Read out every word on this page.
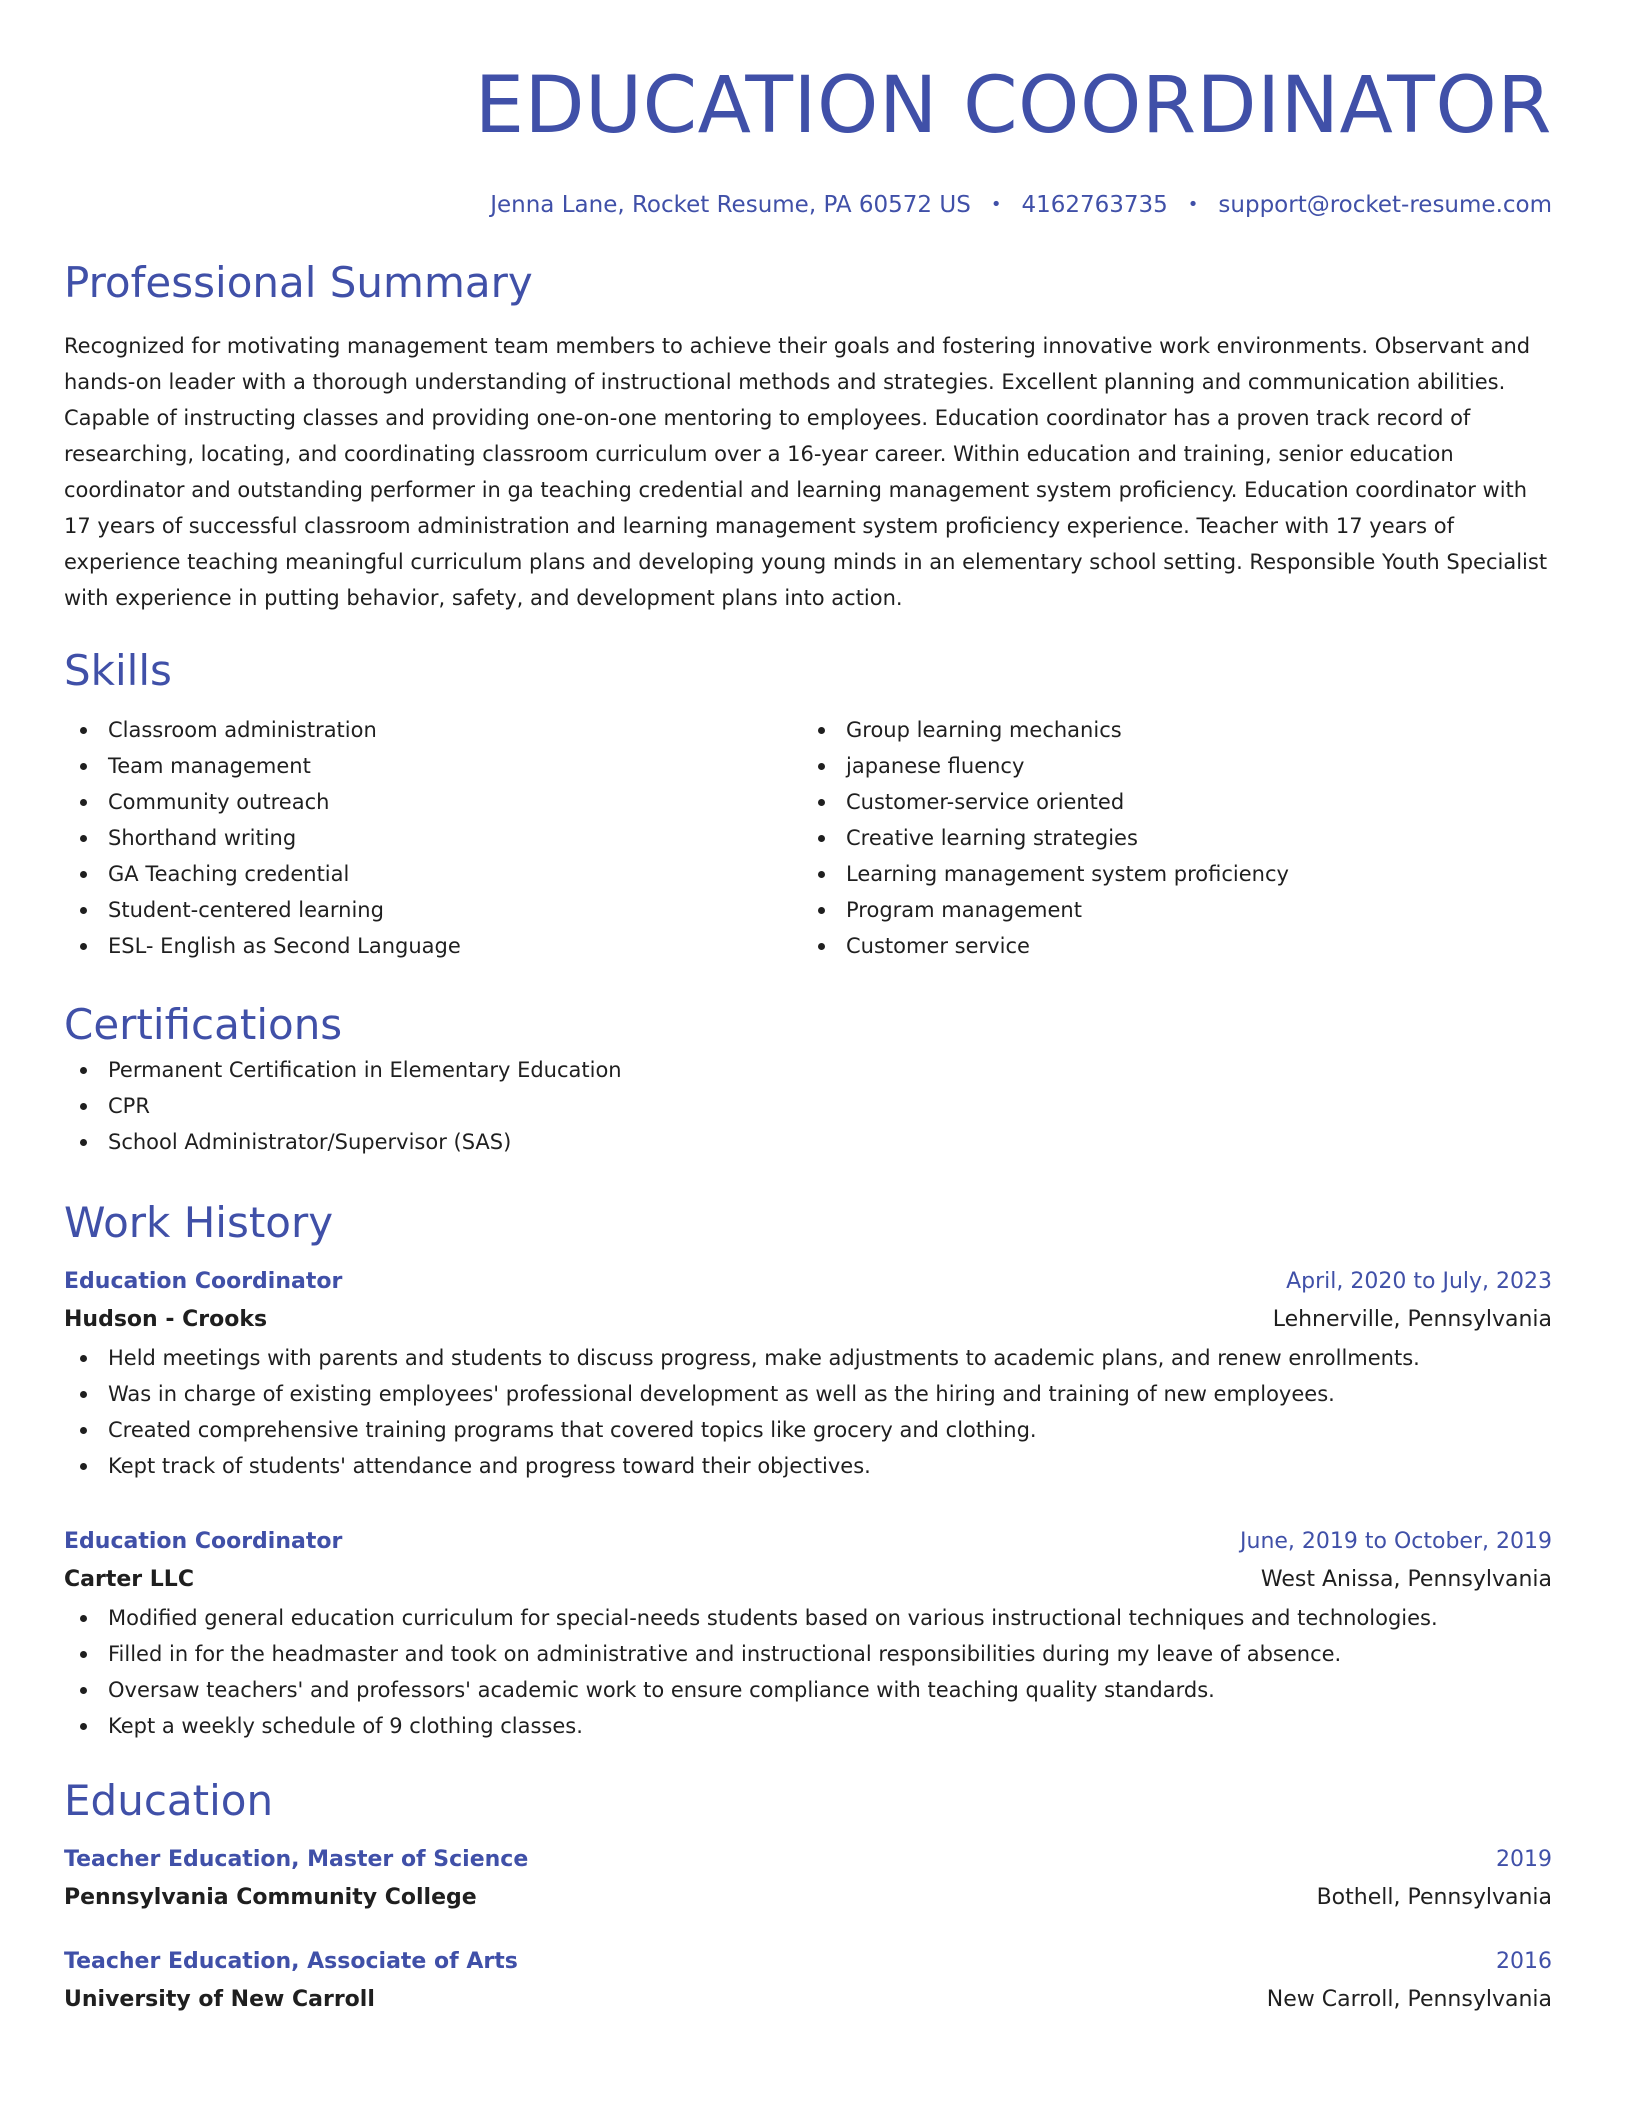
EDUCATION COORDINATOR
Jenna Lane, Rocket Resume, PA 60572 US • 4162763735 • support@rocket-resume.com
Professional Summary

Recognized for motivating management team members to achieve their goals and fostering innovative work environments. Observant and hands-on leader with a thorough understanding of instructional methods and strategies. Excellent planning and communication abilities. Capable of instructing classes and providing one-on-one mentoring to employees. Education coordinator has a proven track record of researching, locating, and coordinating classroom curriculum over a 16-year career. Within education and training, senior education coordinator and outstanding performer in ga teaching credential and learning management system proficiency. Education coordinator with 17 years of successful classroom administration and learning management system proficiency experience. Teacher with 17 years of experience teaching meaningful curriculum plans and developing young minds in an elementary school setting. Responsible Youth Specialist with experience in putting behavior, safety, and development plans into action.

Skills
Classroom administration
Team management
Community outreach
Shorthand writing
GA Teaching credential
Student-centered learning
ESL- English as Second Language
Group learning mechanics
japanese fluency
Customer-service oriented
Creative learning strategies
Learning management system proficiency
Program management
Customer service
Certifications
Permanent Certification in Elementary Education
CPR
School Administrator/Supervisor (SAS)
Work History
Education Coordinator	April, 2020 to July, 2023
Hudson - Crooks	Lehnerville, Pennsylvania
Held meetings with parents and students to discuss progress, make adjustments to academic plans, and renew enrollments.
Was in charge of existing employees' professional development as well as the hiring and training of new employees.
Created comprehensive training programs that covered topics like grocery and clothing.
Kept track of students' attendance and progress toward their objectives.
Education Coordinator	June, 2019 to October, 2019
Carter LLC	West Anissa, Pennsylvania
Modified general education curriculum for special-needs students based on various instructional techniques and technologies.
Filled in for the headmaster and took on administrative and instructional responsibilities during my leave of absence.
Oversaw teachers' and professors' academic work to ensure compliance with teaching quality standards.
Kept a weekly schedule of 9 clothing classes.
Education
Teacher Education, Master of Science	2019
Pennsylvania Community College	Bothell, Pennsylvania
Teacher Education, Associate of Arts	2016
University of New Carroll	New Carroll, Pennsylvania
